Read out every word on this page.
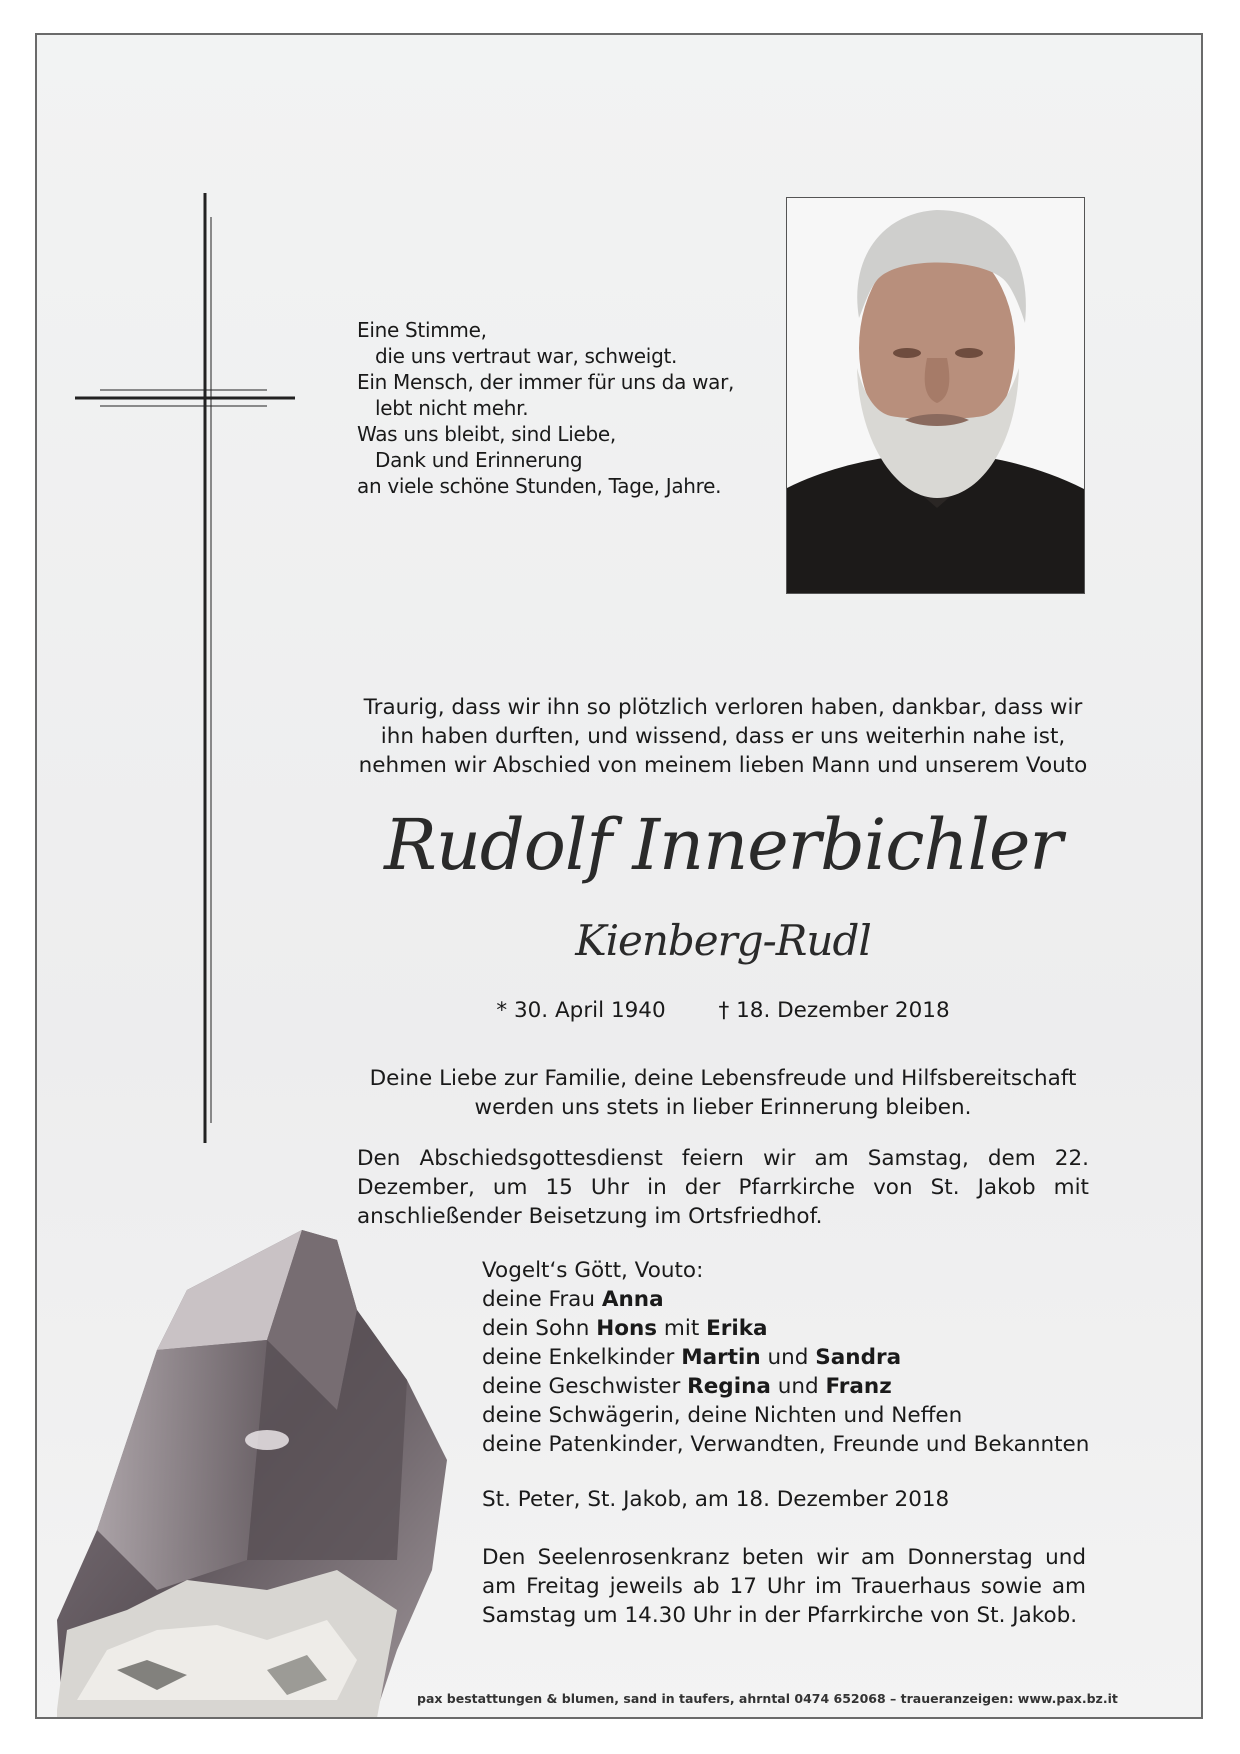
Eine Stimme,
die uns vertraut war, schweigt.
Ein Mensch, der immer für uns da war,
lebt nicht mehr.
Was uns bleibt, sind Liebe,
Dank und Erinnerung
an viele schöne Stunden, Tage, Jahre.
Traurig, dass wir ihn so plötzlich verloren haben, dankbar, dass wir
ihn haben durften, und wissend, dass er uns weiterhin nahe ist,
nehmen wir Abschied von meinem lieben Mann und unserem Vouto
Rudolf Innerbichler
Kienberg-Rudl
* 30. April 1940 † 18. Dezember 2018
Deine Liebe zur Familie, deine Lebensfreude und Hilfsbereitschaft
werden uns stets in lieber Erinnerung bleiben.
Den Abschiedsgottesdienst feiern wir am Samstag, dem 22. Dezember, um 15 Uhr in der Pfarrkirche von St. Jakob mit anschließender Beisetzung im Ortsfriedhof.
Vogelt‘s Gött, Vouto:
deine Frau Anna
dein Sohn Hons mit Erika
deine Enkelkinder Martin und Sandra
deine Geschwister Regina und Franz
deine Schwägerin, deine Nichten und Neffen
deine Patenkinder, Verwandten, Freunde und Bekannten
St. Peter, St. Jakob, am 18. Dezember 2018
Den Seelenrosenkranz beten wir am Donnerstag und am Freitag jeweils ab 17 Uhr im Trauerhaus sowie am Samstag um 14.30 Uhr in der Pfarrkirche von St. Jakob.
pax bestattungen & blumen, sand in taufers, ahrntal 0474 652068 – traueranzeigen: www.pax.bz.it
